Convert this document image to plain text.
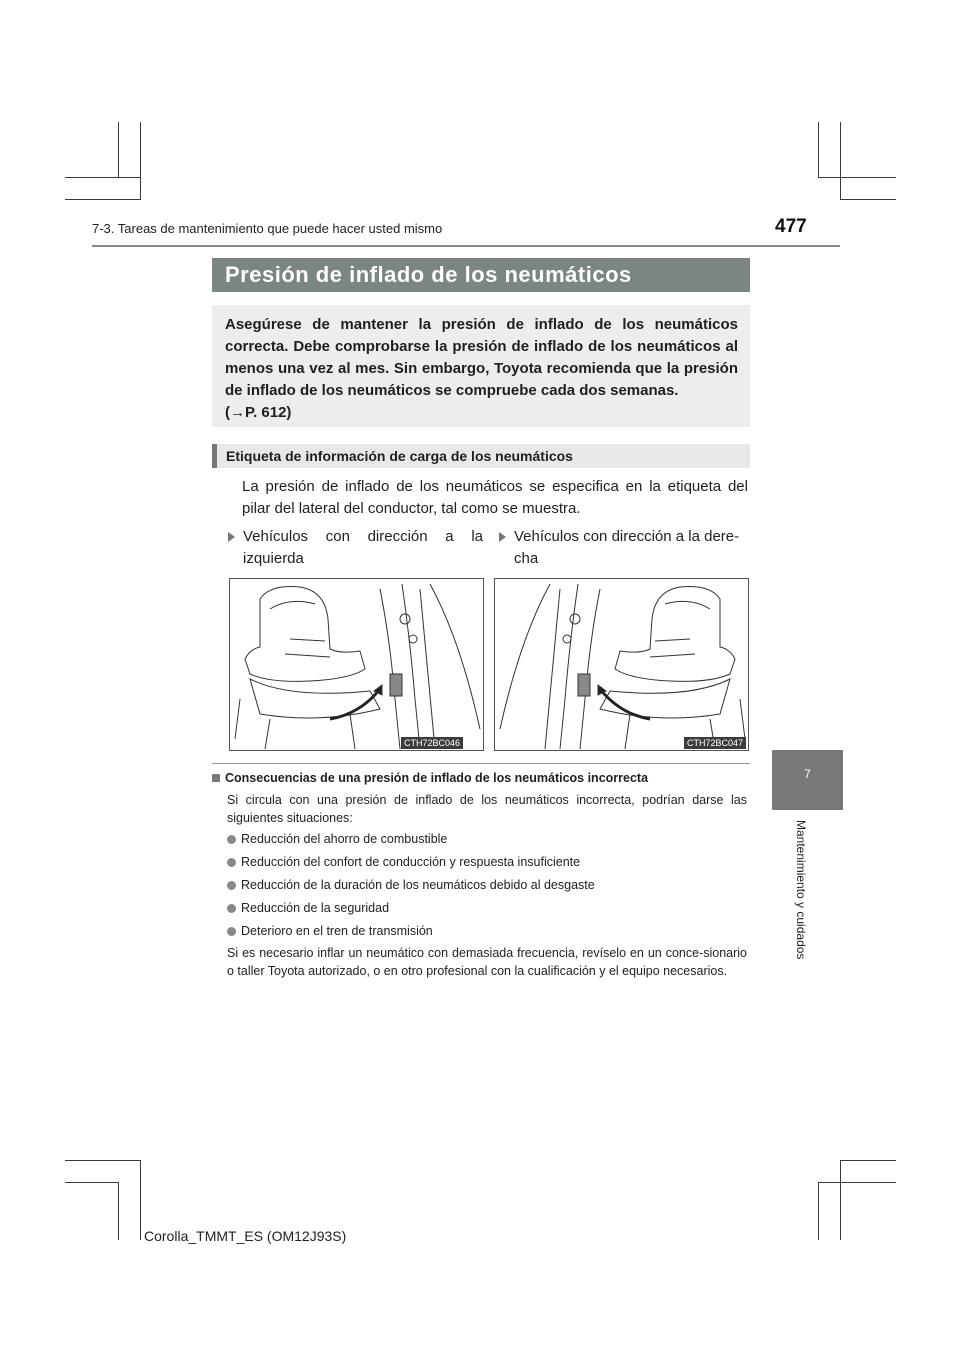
7-3. Tareas de mantenimiento que puede hacer usted mismo	477
7
Mantenimiento y cuidados
Presión de inflado de los neumáticos
Asegúrese de mantener la presión de inflado de los neumáticos correcta. Debe comprobarse la presión de inflado de los neumáticos al menos una vez al mes. Sin embargo, Toyota recomienda que la presión de inflado de los neumáticos se compruebe cada dos semanas.
(→P. 612)
Etiqueta de información de carga de los neumáticos
La presión de inflado de los neumáticos se especifica en la etiqueta del pilar del lateral del conductor, tal como se muestra.
Vehículos con dirección a la izquierda
Vehículos con dirección a la dere-cha
CTH72BC046	CTH72BC047
Consecuencias de una presión de inflado de los neumáticos incorrecta
Si circula con una presión de inflado de los neumáticos incorrecta, podrían darse las siguientes situaciones:
Reducción del ahorro de combustible
Reducción del confort de conducción y respuesta insuficiente
Reducción de la duración de los neumáticos debido al desgaste
Reducción de la seguridad
Deterioro en el tren de transmisión
Si es necesario inflar un neumático con demasiada frecuencia, revíselo en un conce-sionario o taller Toyota autorizado, o en otro profesional con la cualificación y el equipo necesarios.
Corolla_TMMT_ES (OM12J93S)
